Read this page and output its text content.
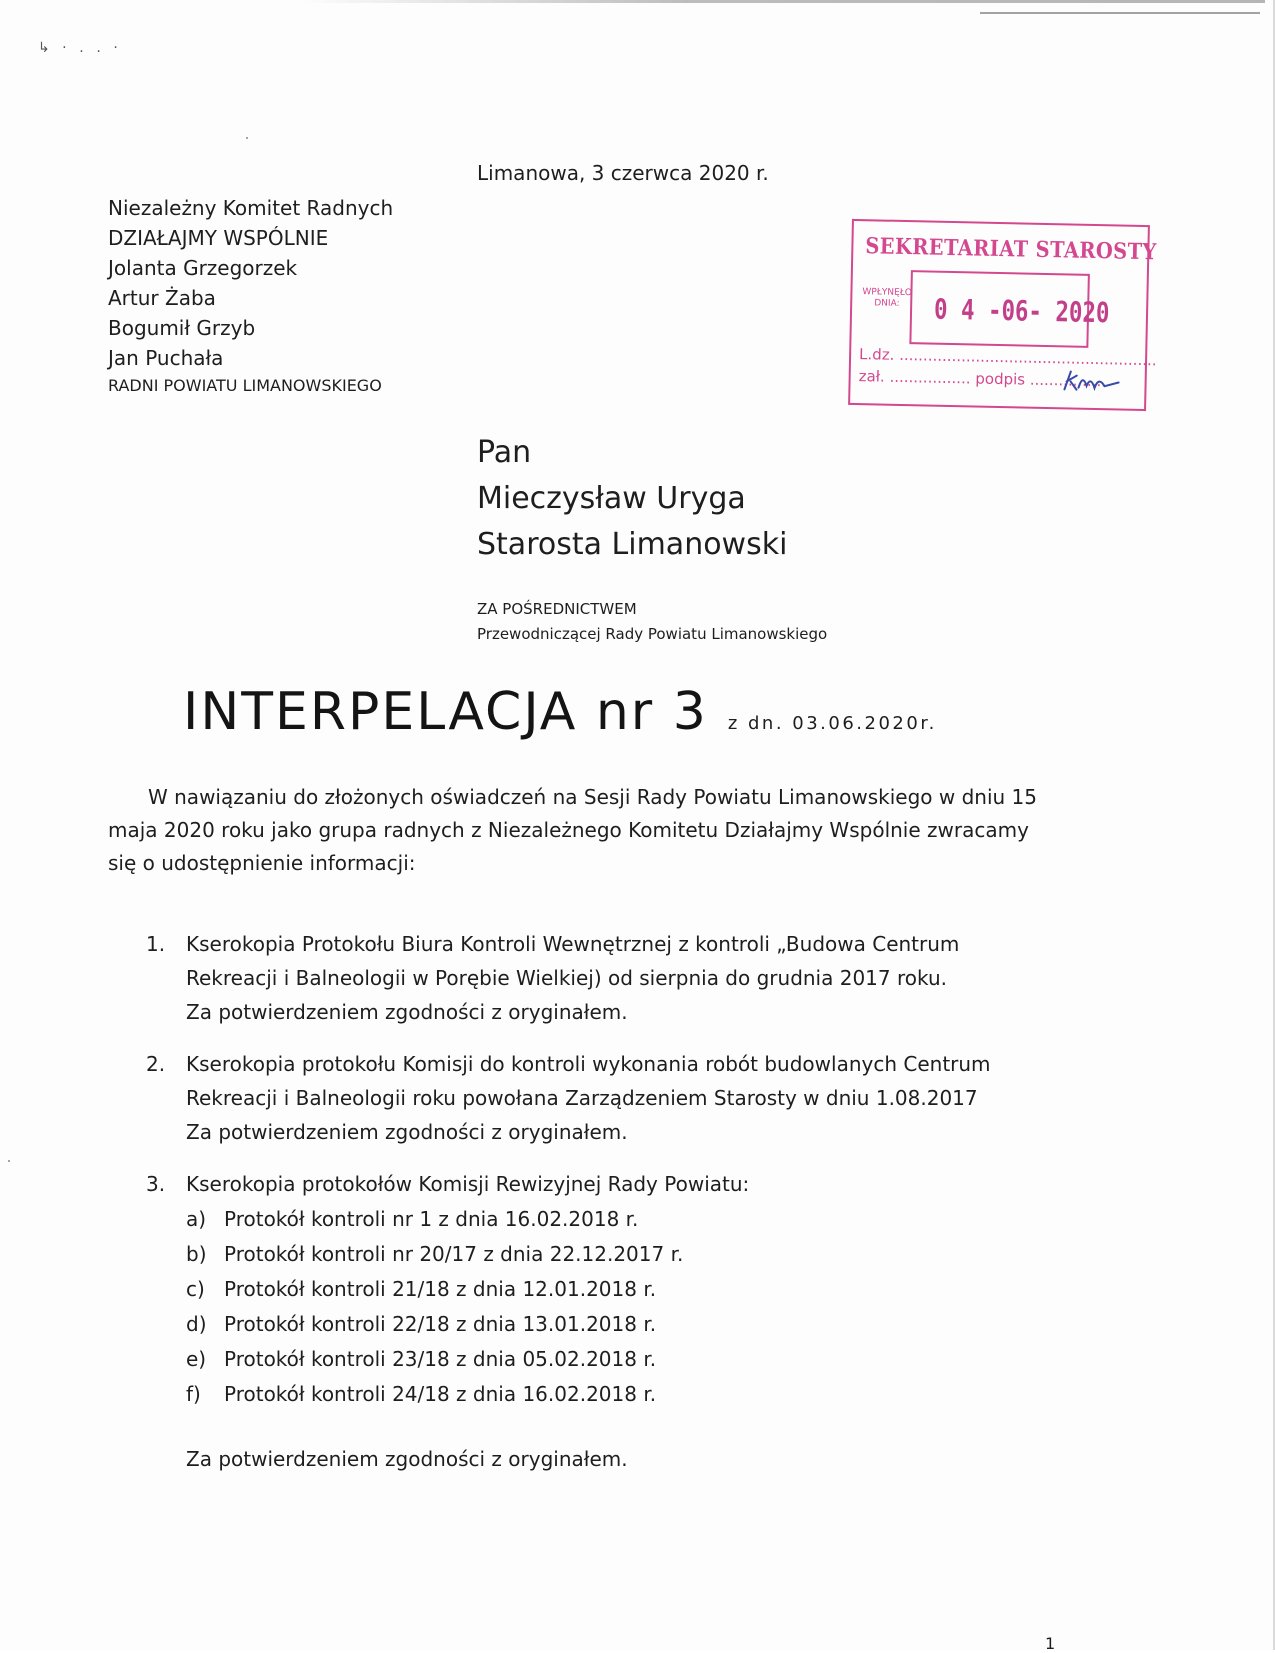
↳ · ․ ․ ⋅
Limanowa, 3 czerwca 2020 r.
Niezależny Komitet Radnych
DZIAŁAJMY WSPÓLNIE
Jolanta Grzegorzek
Artur Żaba
Bogumił Grzyb
Jan Puchała
RADNI POWIATU LIMANOWSKIEGO
SEKRETARIAT STAROSTY
WPŁYNĘŁO
DNIA:	0 4 -06- 2020
L.dz. ......................................................
zał. ................. podpis ................
Pan
Mieczysław Uryga
Starosta Limanowski
ZA POŚREDNICTWEM
Przewodniczącej Rady Powiatu Limanowskiego
INTERPELACJA nr 3 z dn. 03.06.2020r.
W nawiązaniu do złożonych oświadczeń na Sesji Rady Powiatu Limanowskiego w dniu 15
maja 2020 roku jako grupa radnych z Niezależnego Komitetu Działajmy Wspólnie zwracamy
się o udostępnienie informacji:
1.	Kserokopia Protokołu Biura Kontroli Wewnętrznej z kontroli „Budowa Centrum
Rekreacji i Balneologii w Porębie Wielkiej) od sierpnia do grudnia 2017 roku.
Za potwierdzeniem zgodności z oryginałem.
2.	Kserokopia protokołu Komisji do kontroli wykonania robót budowlanych Centrum
Rekreacji i Balneologii roku powołana Zarządzeniem Starosty w dniu 1.08.2017
Za potwierdzeniem zgodności z oryginałem.
3.	Kserokopia protokołów Komisji Rewizyjnej Rady Powiatu:
a) Protokół kontroli nr 1 z dnia 16.02.2018 r.
b) Protokół kontroli nr 20/17 z dnia 22.12.2017 r.
c) Protokół kontroli 21/18 z dnia 12.01.2018 r.
d) Protokół kontroli 22/18 z dnia 13.01.2018 r.
e) Protokół kontroli 23/18 z dnia 05.02.2018 r.
f)	Protokół kontroli 24/18 z dnia 16.02.2018 r.
Za potwierdzeniem zgodności z oryginałem.
1
